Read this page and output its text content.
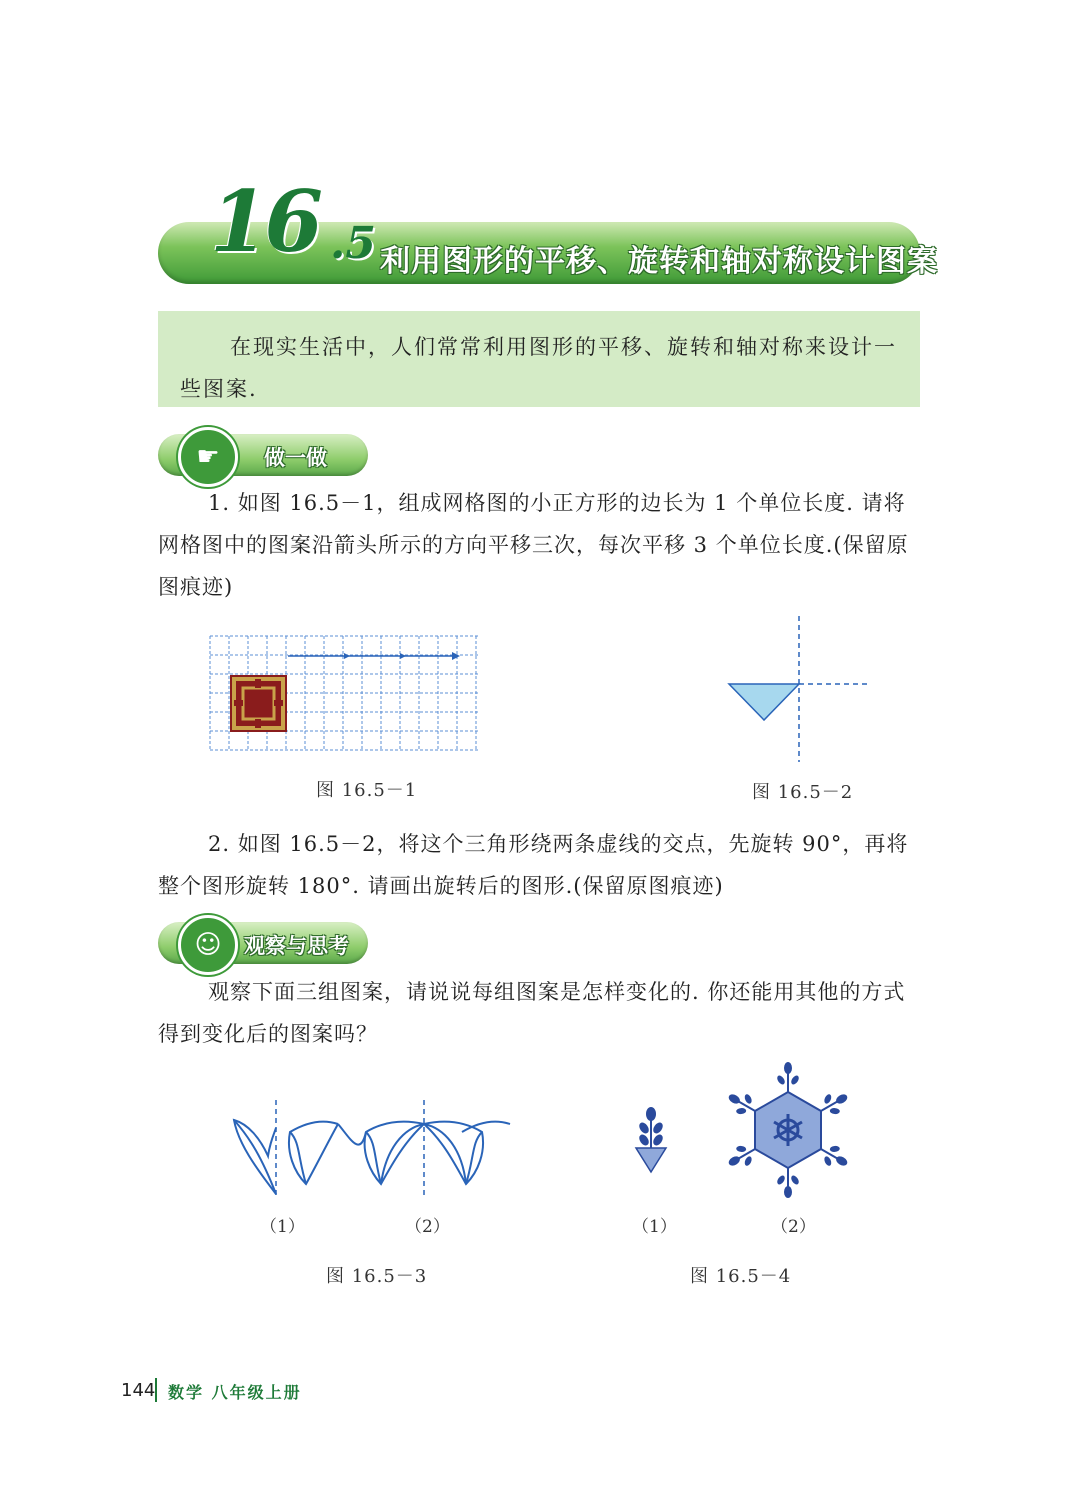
16 .5 利用图形的平移、旋转和轴对称设计图案
在现实生活中，人们常常利用图形的平移、旋转和轴对称来设计一些图案.
☛	做一做
1. 如图 16.5－1，组成网格图的小正方形的边长为 1 个单位长度. 请将网格图中的图案沿箭头所示的方向平移三次，每次平移 3 个单位长度.(保留原图痕迹)
图 16.5－1	图 16.5－2
2. 如图 16.5－2，将这个三角形绕两条虚线的交点，先旋转 90°，再将整个图形旋转 180°. 请画出旋转后的图形.(保留原图痕迹)
☺	观察与思考
观察下面三组图案，请说说每组图案是怎样变化的. 你还能用其他的方式得到变化后的图案吗？
（1）	（2）
图 16.5－3
（1）	（2）
图 16.5－4
144 数学 八年级上册
